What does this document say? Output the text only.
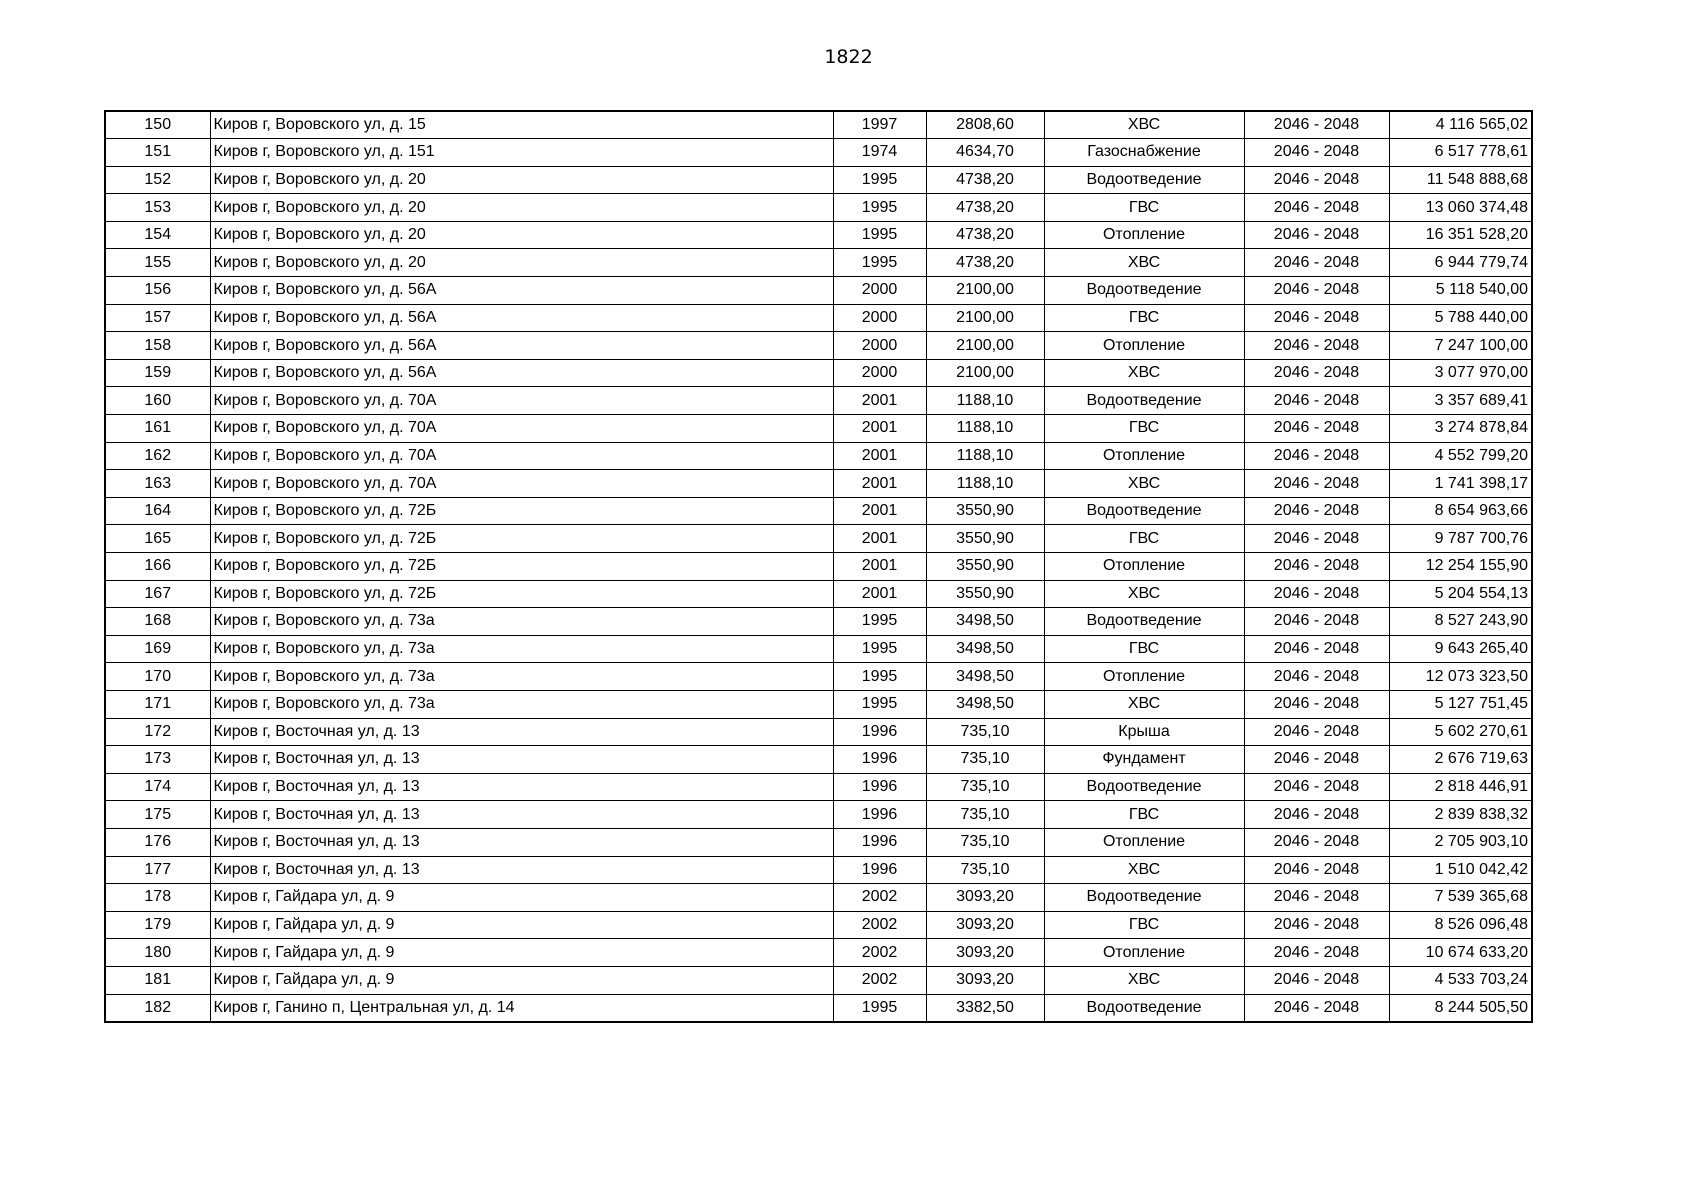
1822
150	Киров г, Воровского ул, д. 15	1997	2808,60	ХВС	2046 - 2048	4 116 565,02
151	Киров г, Воровского ул, д. 151	1974	4634,70	Газоснабжение	2046 - 2048	6 517 778,61
152	Киров г, Воровского ул, д. 20	1995	4738,20	Водоотведение	2046 - 2048	11 548 888,68
153	Киров г, Воровского ул, д. 20	1995	4738,20	ГВС	2046 - 2048	13 060 374,48
154	Киров г, Воровского ул, д. 20	1995	4738,20	Отопление	2046 - 2048	16 351 528,20
155	Киров г, Воровского ул, д. 20	1995	4738,20	ХВС	2046 - 2048	6 944 779,74
156	Киров г, Воровского ул, д. 56А	2000	2100,00	Водоотведение	2046 - 2048	5 118 540,00
157	Киров г, Воровского ул, д. 56А	2000	2100,00	ГВС	2046 - 2048	5 788 440,00
158	Киров г, Воровского ул, д. 56А	2000	2100,00	Отопление	2046 - 2048	7 247 100,00
159	Киров г, Воровского ул, д. 56А	2000	2100,00	ХВС	2046 - 2048	3 077 970,00
160	Киров г, Воровского ул, д. 70А	2001	1188,10	Водоотведение	2046 - 2048	3 357 689,41
161	Киров г, Воровского ул, д. 70А	2001	1188,10	ГВС	2046 - 2048	3 274 878,84
162	Киров г, Воровского ул, д. 70А	2001	1188,10	Отопление	2046 - 2048	4 552 799,20
163	Киров г, Воровского ул, д. 70А	2001	1188,10	ХВС	2046 - 2048	1 741 398,17
164	Киров г, Воровского ул, д. 72Б	2001	3550,90	Водоотведение	2046 - 2048	8 654 963,66
165	Киров г, Воровского ул, д. 72Б	2001	3550,90	ГВС	2046 - 2048	9 787 700,76
166	Киров г, Воровского ул, д. 72Б	2001	3550,90	Отопление	2046 - 2048	12 254 155,90
167	Киров г, Воровского ул, д. 72Б	2001	3550,90	ХВС	2046 - 2048	5 204 554,13
168	Киров г, Воровского ул, д. 73а	1995	3498,50	Водоотведение	2046 - 2048	8 527 243,90
169	Киров г, Воровского ул, д. 73а	1995	3498,50	ГВС	2046 - 2048	9 643 265,40
170	Киров г, Воровского ул, д. 73а	1995	3498,50	Отопление	2046 - 2048	12 073 323,50
171	Киров г, Воровского ул, д. 73а	1995	3498,50	ХВС	2046 - 2048	5 127 751,45
172	Киров г, Восточная ул, д. 13	1996	735,10	Крыша	2046 - 2048	5 602 270,61
173	Киров г, Восточная ул, д. 13	1996	735,10	Фундамент	2046 - 2048	2 676 719,63
174	Киров г, Восточная ул, д. 13	1996	735,10	Водоотведение	2046 - 2048	2 818 446,91
175	Киров г, Восточная ул, д. 13	1996	735,10	ГВС	2046 - 2048	2 839 838,32
176	Киров г, Восточная ул, д. 13	1996	735,10	Отопление	2046 - 2048	2 705 903,10
177	Киров г, Восточная ул, д. 13	1996	735,10	ХВС	2046 - 2048	1 510 042,42
178	Киров г, Гайдара ул, д. 9	2002	3093,20	Водоотведение	2046 - 2048	7 539 365,68
179	Киров г, Гайдара ул, д. 9	2002	3093,20	ГВС	2046 - 2048	8 526 096,48
180	Киров г, Гайдара ул, д. 9	2002	3093,20	Отопление	2046 - 2048	10 674 633,20
181	Киров г, Гайдара ул, д. 9	2002	3093,20	ХВС	2046 - 2048	4 533 703,24
182	Киров г, Ганино п, Центральная ул, д. 14	1995	3382,50	Водоотведение	2046 - 2048	8 244 505,50
